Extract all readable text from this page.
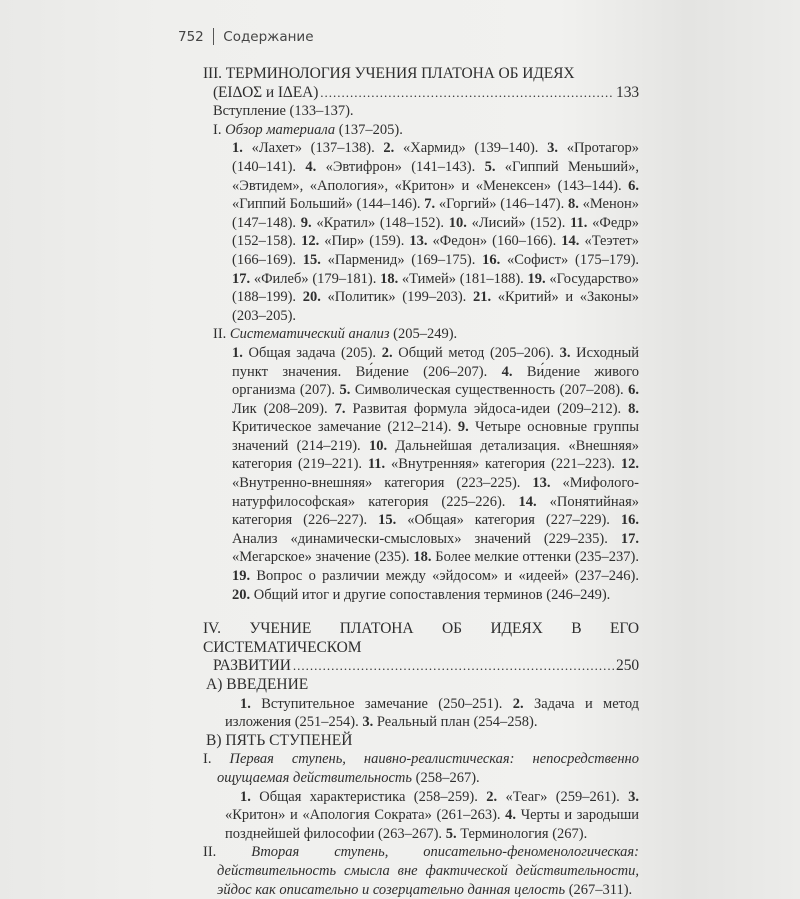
752 Содержание
III. ТЕРМИНОЛОГИЯ УЧЕНИЯ ПЛАТОНА ОБ ИДЕЯХ
(ΕΙΔΟΣ и ΙΔΕΑ) .....	133
Вступление (133–137).
I. Обзор материала (137–205).
1. «Лахет» (137–138). 2. «Хармид» (139–140). 3. «Протагор» (140–141). 4. «Эвтифрон» (141–143). 5. «Гиппий Меньший», «Эвтидем», «Апология», «Критон» и «Менексен» (143–144). 6. «Гиппий Больший» (144–146). 7. «Горгий» (146–147). 8. «Менон» (147–148). 9. «Кратил» (148–152). 10. «Лисий» (152). 11. «Федр» (152–158). 12. «Пир» (159). 13. «Федон» (160–166). 14. «Теэтет» (166–169). 15. «Парменид» (169–175). 16. «Софист» (175–179). 17. «Филеб» (179–181). 18. «Тимей» (181–188). 19. «Государство» (188–199). 20. «Политик» (199–203). 21. «Критий» и «Законы» (203–205).
II. Систематический анализ (205–249).
1. Общая задача (205). 2. Общий метод (205–206). 3. Исходный пункт значения. Ви́дение (206–207). 4. Ви́дение живого организма (207). 5. Символическая существенность (207–208). 6. Лик (208–209). 7. Развитая формула эйдоса-идеи (209–212). 8. Критическое замечание (212–214). 9. Четыре основные группы значений (214–219). 10. Дальнейшая детализация. «Внешняя» категория (219–221). 11. «Внутренняя» категория (221–223). 12. «Внутренно-внешняя» категория (223–225). 13. «Мифолого-натурфилософская» категория (225–226). 14. «Понятийная» категория (226–227). 15. «Общая» категория (227–229). 16. Анализ «динамически-смысловых» значений (229–235). 17. «Мегарское» значение (235). 18. Более мелкие оттенки (235–237). 19. Вопрос о различии между «эйдосом» и «идеей» (237–246). 20. Общий итог и другие сопоставления терминов (246–249).
IV. УЧЕНИЕ ПЛАТОНА ОБ ИДЕЯХ В ЕГО СИСТЕМАТИЧЕСКОМ
РАЗВИТИИ .....	250
А) ВВЕДЕНИЕ
1. Вступительное замечание (250–251). 2. Задача и метод изложения (251–254). 3. Реальный план (254–258).
В) ПЯТЬ СТУПЕНЕЙ
I. Первая ступень, наивно-реалистическая: непосредственно ощущаемая действительность (258–267).
1. Общая характеристика (258–259). 2. «Теаг» (259–261). 3. «Критон» и «Апология Сократа» (261–263). 4. Черты и зародыши позднейшей философии (263–267). 5. Терминология (267).
II. Вторая ступень, описательно-феноменологическая: действительность смысла вне фактической действительности, эйдос как описательно и созерцательно данная целость (267–311).
